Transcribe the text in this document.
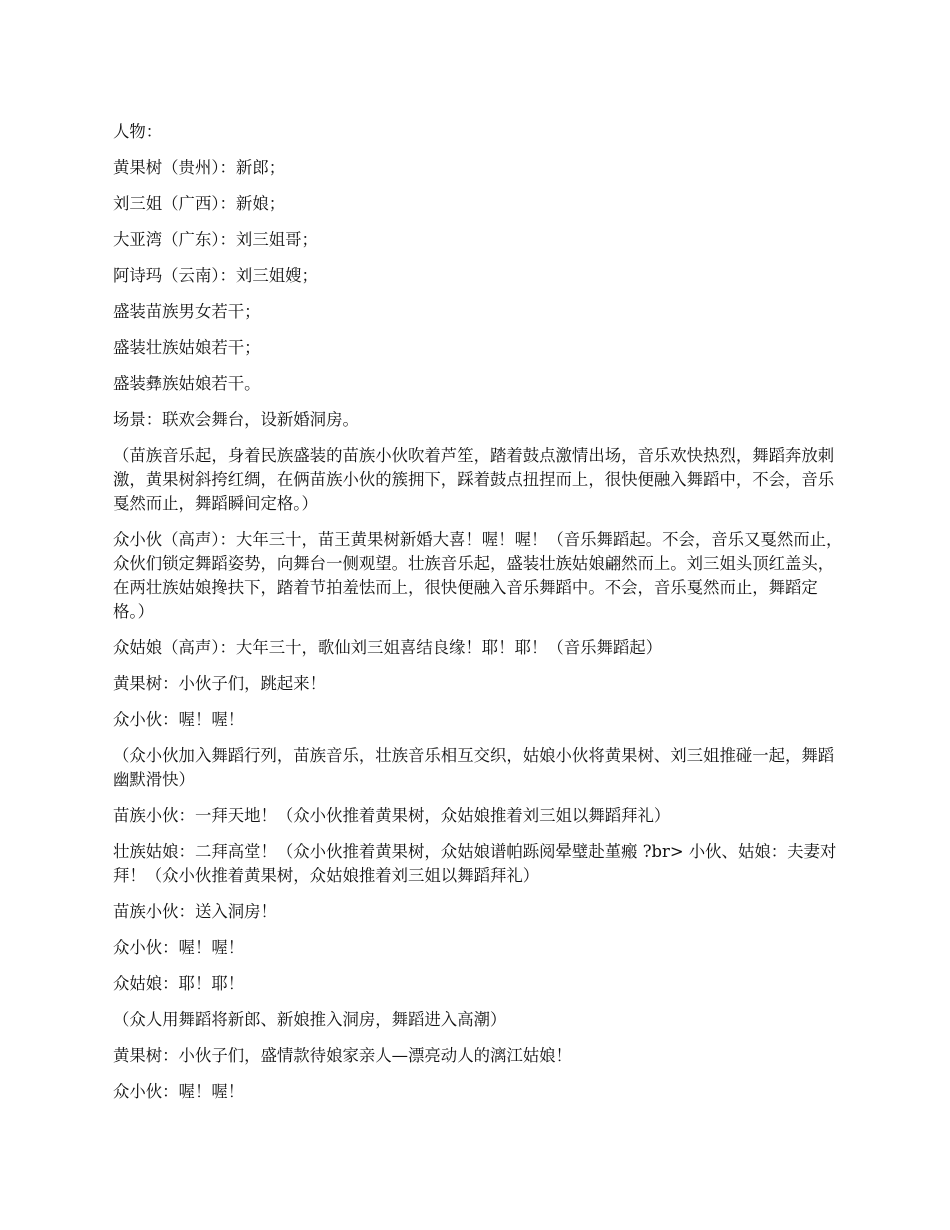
人物：

黄果树（贵州）：新郎；

刘三姐（广西）：新娘；

大亚湾（广东）：刘三姐哥；

阿诗玛（云南）：刘三姐嫂；

盛装苗族男女若干；

盛装壮族姑娘若干；

盛装彝族姑娘若干。

场景：联欢会舞台，设新婚洞房。

（苗族音乐起，身着民族盛装的苗族小伙吹着芦笙，踏着鼓点激情出场，音乐欢快热烈，舞蹈奔放刺激，黄果树斜挎红绸，在俩苗族小伙的簇拥下，踩着鼓点扭捏而上，很快便融入舞蹈中，不会，音乐戛然而止，舞蹈瞬间定格。）

众小伙（高声）：大年三十，苗王黄果树新婚大喜！喔！喔！（音乐舞蹈起。不会，音乐又戛然而止，众伙们锁定舞蹈姿势，向舞台一侧观望。壮族音乐起，盛装壮族姑娘翩然而上。刘三姐头顶红盖头，在两壮族姑娘搀扶下，踏着节拍羞怯而上，很快便融入音乐舞蹈中。不会，音乐戛然而止，舞蹈定格。）

众姑娘（高声）：大年三十，歌仙刘三姐喜结良缘！耶！耶！（音乐舞蹈起）

黄果树：小伙子们，跳起来！

众小伙：喔！喔！

（众小伙加入舞蹈行列，苗族音乐，壮族音乐相互交织，姑娘小伙将黄果树、刘三姐推碰一起，舞蹈幽默滑快）

苗族小伙：一拜天地！（众小伙推着黄果树，众姑娘推着刘三姐以舞蹈拜礼）

壮族姑娘：二拜高堂！（众小伙推着黄果树，众姑娘谱帕跞阅晕璧赴堇瘢 ?br> 小伙、姑娘：夫妻对拜！（众小伙推着黄果树，众姑娘推着刘三姐以舞蹈拜礼）

苗族小伙：送入洞房！

众小伙：喔！喔！

众姑娘：耶！耶！

（众人用舞蹈将新郎、新娘推入洞房，舞蹈进入高潮）

黄果树：小伙子们，盛情款待娘家亲人—漂亮动人的漓江姑娘！

众小伙：喔！喔！
